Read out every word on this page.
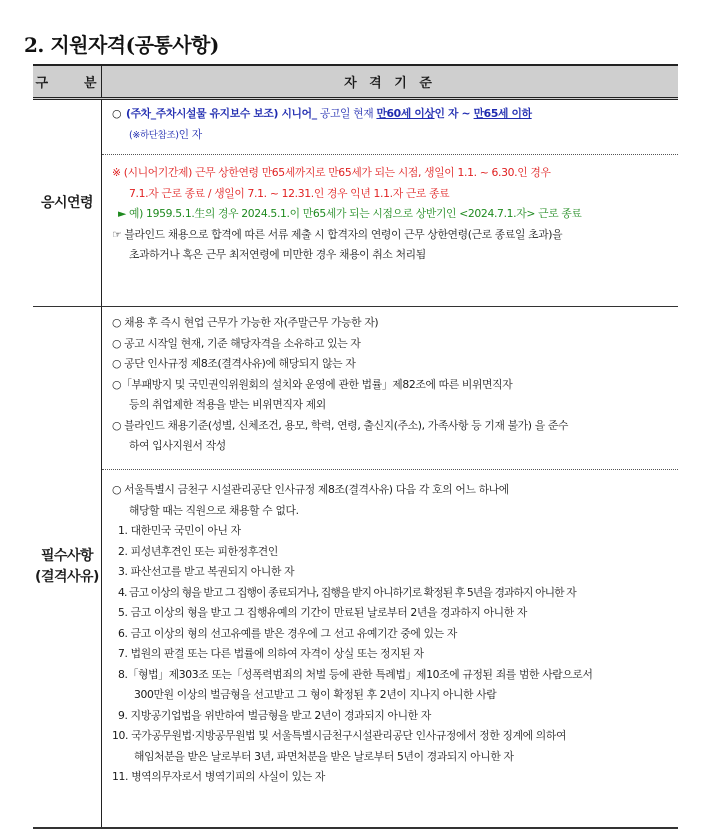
2. 지원자격(공통사항)
구	분	자 격 기 준
응시연령
○ (주차_주차시설물 유지보수 보조) 시니어_ 공고일 현재 만60세 이상인 자 ~ 만65세 이하
(※하단참조)인 자
※ (시니어기간제) 근무 상한연령 만65세까지로 만65세가 되는 시점, 생일이 1.1. ~ 6.30.인 경우
7.1.자 근로 종료 / 생일이 7.1. ~ 12.31.인 경우 익년 1.1.자 근로 종료
► 예) 1959.5.1.生의 경우 2024.5.1.이 만65세가 되는 시점으로 상반기인 <2024.7.1.자> 근로 종료
☞ 블라인드 채용으로 합격에 따른 서류 제출 시 합격자의 연령이 근무 상한연령(근로 종료일 초과)을
초과하거나 혹은 근무 최저연령에 미만한 경우 채용이 취소 처리됨
필수사항
(결격사유)
○ 채용 후 즉시 현업 근무가 가능한 자(주말근무 가능한 자)
○ 공고 시작일 현재, 기준 해당자격을 소유하고 있는 자
○ 공단 인사규정 제8조(결격사유)에 해당되지 않는 자
○「부패방지 및 국민권익위원회의 설치와 운영에 관한 법률」제82조에 따른 비위면직자
등의 취업제한 적용을 받는 비위면직자 제외
○ 블라인드 채용기준(성별, 신체조건, 용모, 학력, 연령, 출신지(주소), 가족사항 등 기재 불가) 을 준수
하여 입사지원서 작성
○ 서울특별시 금천구 시설관리공단 인사규정 제8조(결격사유) 다음 각 호의 어느 하나에
해당할 때는 직원으로 채용할 수 없다.
1. 대한민국 국민이 아닌 자
2. 피성년후견인 또는 피한정후견인
3. 파산선고를 받고 복권되지 아니한 자
4. 금고 이상의 형을 받고 그 집행이 종료되거나, 집행을 받지 아니하기로 확정된 후 5년을 경과하지 아니한 자
5. 금고 이상의 형을 받고 그 집행유예의 기간이 만료된 날로부터 2년을 경과하지 아니한 자
6. 금고 이상의 형의 선고유예를 받은 경우에 그 선고 유예기간 중에 있는 자
7. 법원의 판결 또는 다른 법률에 의하여 자격이 상실 또는 정지된 자
8.「형법」제303조 또는「성폭력범죄의 처벌 등에 관한 특례법」제10조에 규정된 죄를 범한 사람으로서
300만원 이상의 벌금형을 선고받고 그 형이 확정된 후 2년이 지나지 아니한 사람
9. 지방공기업법을 위반하여 벌금형을 받고 2년이 경과되지 아니한 자
10. 국가공무원법·지방공무원법 및 서울특별시금천구시설관리공단 인사규정에서 정한 징계에 의하여
해임처분을 받은 날로부터 3년, 파면처분을 받은 날로부터 5년이 경과되지 아니한 자
11. 병역의무자로서 병역기피의 사실이 있는 자
